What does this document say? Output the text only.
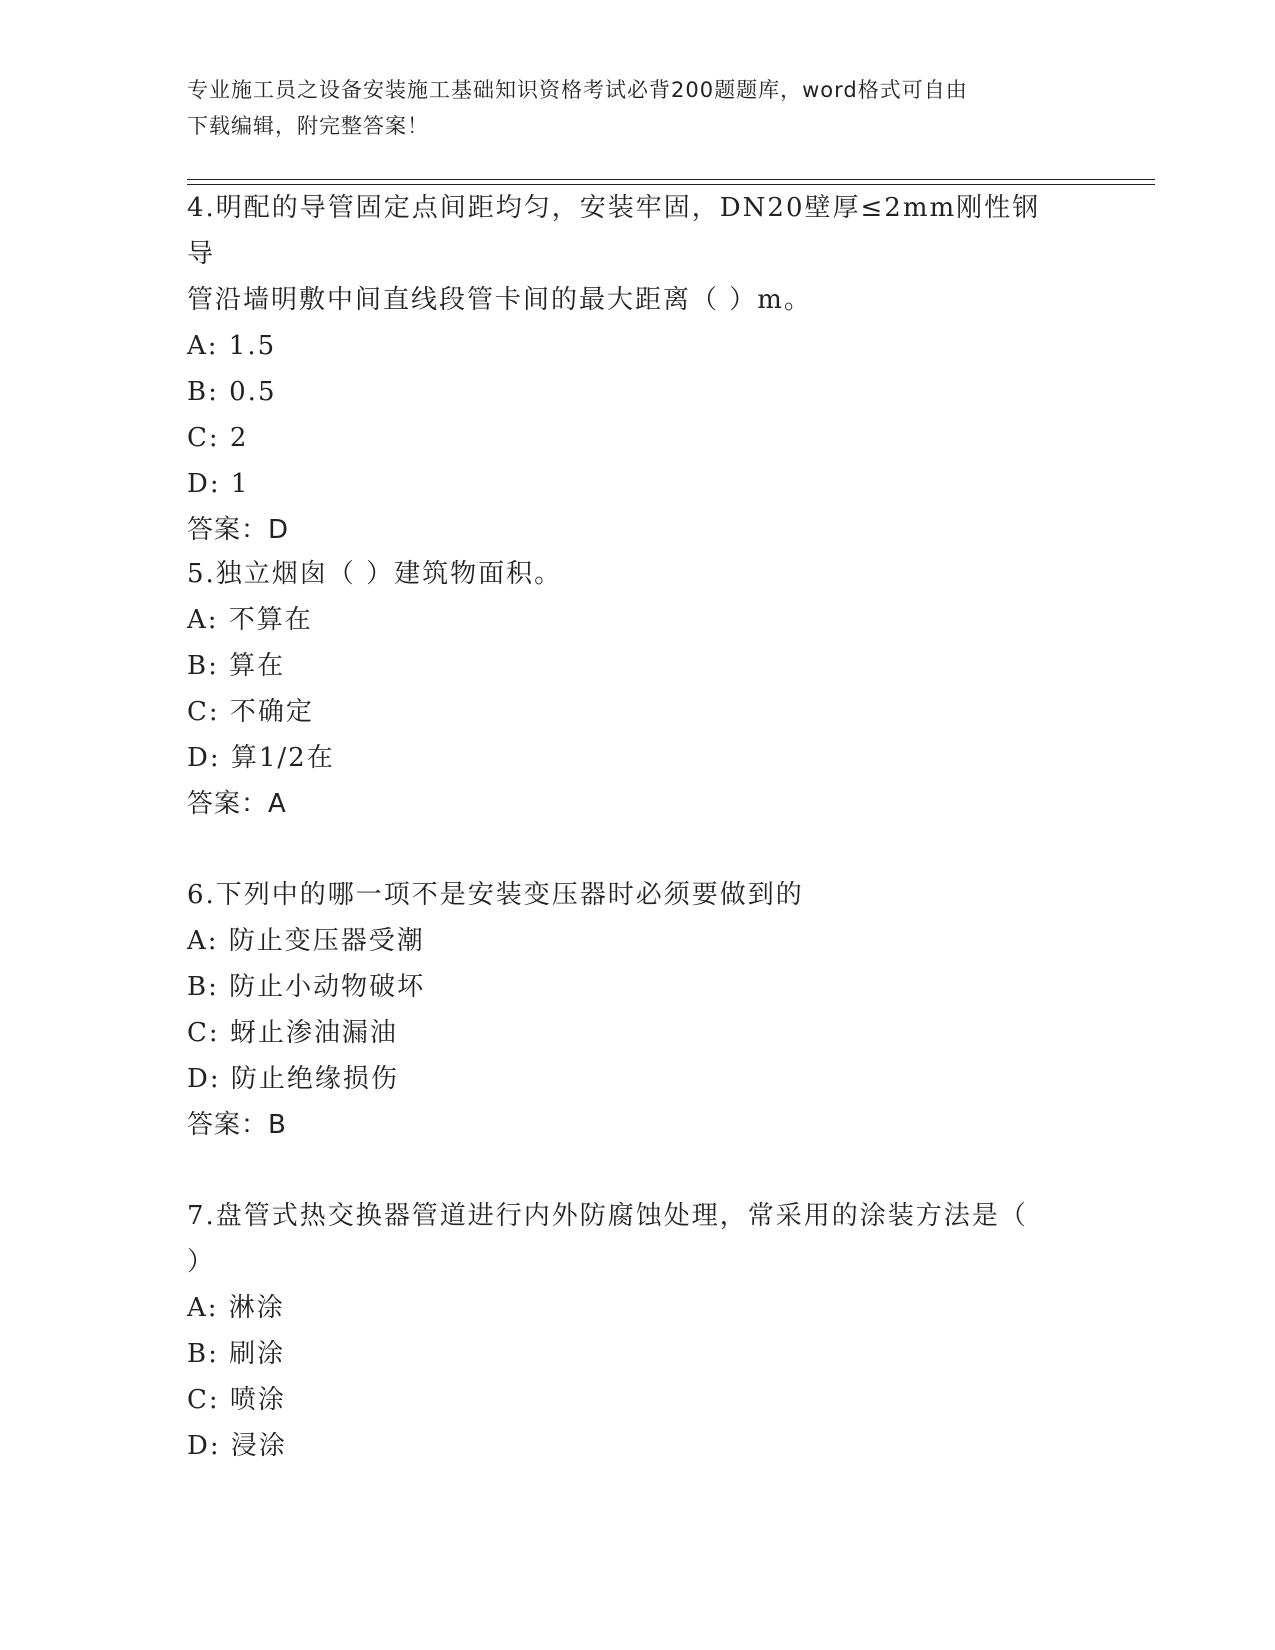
专业施工员之设备安装施工基础知识资格考试必背200题题库，word格式可自由
下载编辑，附完整答案！

4.明配的导管固定点间距均匀，安装牢固，DN20壁厚≤2mm刚性钢导

管沿墙明敷中间直线段管卡间的最大距离（ ）m。

A: 1.5

B: 0.5

C: 2

D: 1

答案：D

5.独立烟囱（ ）建筑物面积。

A: 不算在

B: 算在

C: 不确定

D: 算1/2在

答案：A

6.下列中的哪一项不是安装变压器时必须要做到的

A: 防止变压器受潮

B: 防止小动物破坏

C: 蚜止渗油漏油

D: 防止绝缘损伤

答案：B

7.盘管式热交换器管道进行内外防腐蚀处理，常采用的涂装方法是（

）

A: 淋涂

B: 刷涂

C: 喷涂

D: 浸涂
